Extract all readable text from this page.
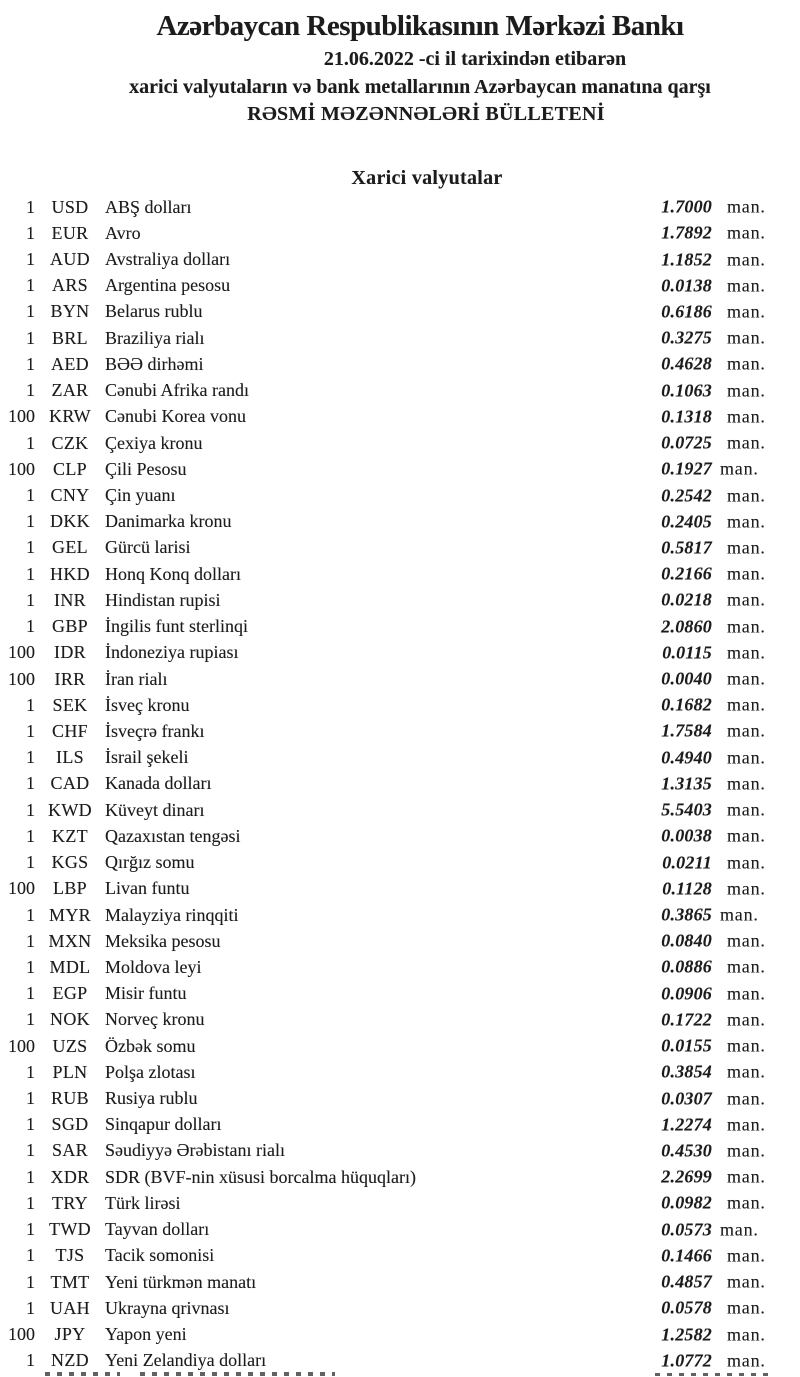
Azərbaycan Respublikasının Mərkəzi Bankı
21.06.2022 -ci il tarixindən etibarən
xarici valyutaların və bank metallarının Azərbaycan manatına qarşı
RƏSMİ MƏZƏNNƏLƏRİ BÜLLETENİ
Xarici valyutalar
1 USD ABŞ dolları	1.7000 man.
1 EUR Avro	1.7892 man.
1 AUD Avstraliya dolları	1.1852 man.
1 ARS Argentina pesosu	0.0138 man.
1 BYN Belarus rublu	0.6186 man.
1 BRL Braziliya rialı	0.3275 man.
1 AED BƏƏ dirhəmi	0.4628 man.
1 ZAR Cənubi Afrika randı	0.1063 man.
100 KRW Cənubi Korea vonu	0.1318 man.
1 CZK Çexiya kronu	0.0725 man.
100	CLP	Çili Pesosu	0.1927 man.
1 CNY Çin yuanı	0.2542 man.
1 DKK Danimarka kronu	0.2405 man.
1 GEL Gürcü larisi	0.5817 man.
1 HKD Honq Konq dolları	0.2166 man.
1	INR	Hindistan rupisi	0.0218 man.
1 GBP İngilis funt sterlinqi	2.0860 man.
100	IDR	İndoneziya rupiası	0.0115 man.
100	IRR	İran rialı	0.0040 man.
1 SEK İsveç kronu	0.1682 man.
1 CHF İsveçrə frankı	1.7584 man.
1	ILS	İsrail şekeli	0.4940 man.
1 CAD Kanada dolları	1.3135 man.
1 KWD Küveyt dinarı	5.5403 man.
1 KZT Qazaxıstan tengəsi	0.0038 man.
1 KGS Qırğız somu	0.0211 man.
100	LBP	Livan funtu	0.1128 man.
1 MYR Malayziya rinqqiti	0.3865 man.
1 MXN Meksika pesosu	0.0840 man.
1 MDL Moldova leyi	0.0886 man.
1 EGP Misir funtu	0.0906 man.
1 NOK Norveç kronu	0.1722 man.
100 UZS Özbək somu	0.0155 man.
1 PLN Polşa zlotası	0.3854 man.
1 RUB Rusiya rublu	0.0307 man.
1 SGD Sinqapur dolları	1.2274 man.
1 SAR Səudiyyə Ərəbistanı rialı	0.4530 man.
1 XDR SDR (BVF-nin xüsusi borcalma hüquqları)	2.2699 man.
1 TRY Türk lirəsi	0.0982 man.
1 TWD Tayvan dolları	0.0573 man.
1	TJS	Tacik somonisi	0.1466 man.
1 TMT Yeni türkmən manatı	0.4857 man.
1 UAH Ukrayna qrivnası	0.0578 man.
100	JPY	Yapon yeni	1.2582 man.
1 NZD Yeni Zelandiya dolları	1.0772 man.
